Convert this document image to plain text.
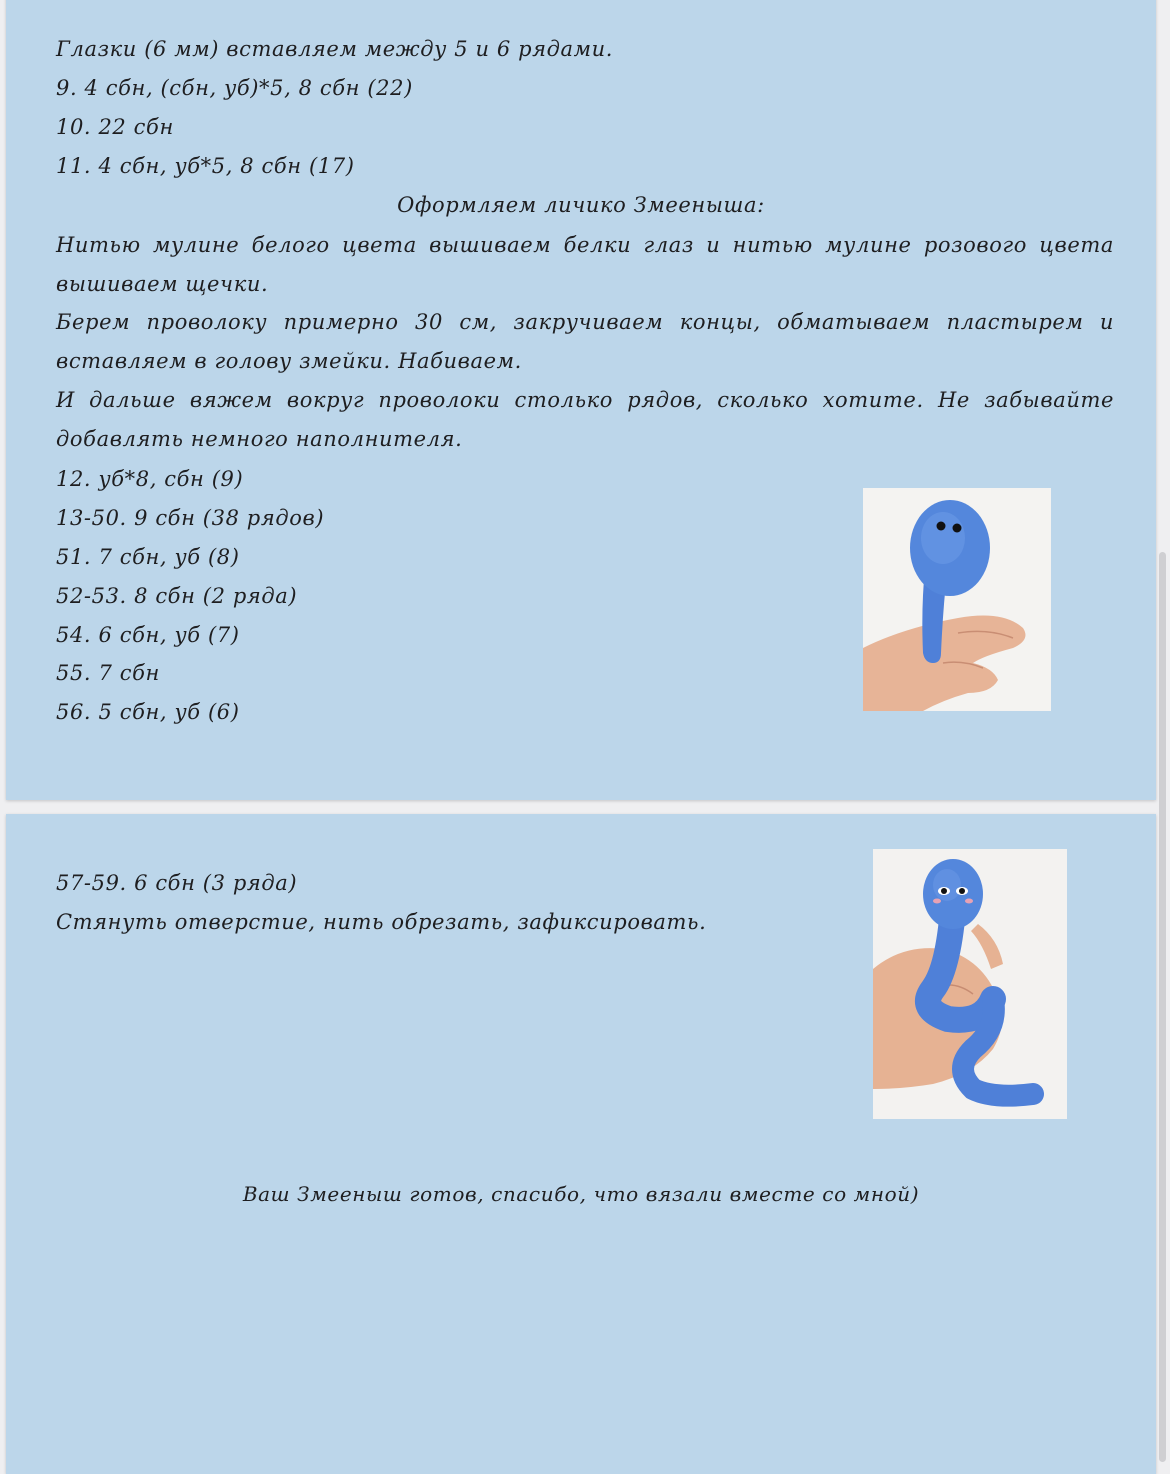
Глазки (6 мм) вставляем между 5 и 6 рядами.
9. 4 сбн, (сбн, уб)*5, 8 сбн (22)
10. 22 сбн
11. 4 сбн, уб*5, 8 сбн (17)
Оформляем личико Змееныша:
Нитью мулине белого цвета вышиваем белки глаз и нитью мулине розового цвета вышиваем щечки.
Берем проволоку примерно 30 см, закручиваем концы, обматываем пластырем и вставляем в голову змейки. Набиваем.
И дальше вяжем вокруг проволоки столько рядов, сколько хотите. Не забывайте добавлять немного наполнителя.
12. уб*8, сбн (9)
13-50. 9 сбн (38 рядов)
51. 7 сбн, уб (8)
52-53. 8 сбн (2 ряда)
54. 6 сбн, уб (7)
55. 7 сбн
56. 5 сбн, уб (6)
57-59. 6 сбн (3 ряда)
Стянуть отверстие, нить обрезать, зафиксировать.
Ваш Змееныш готов, спасибо, что вязали вместе со мной)
